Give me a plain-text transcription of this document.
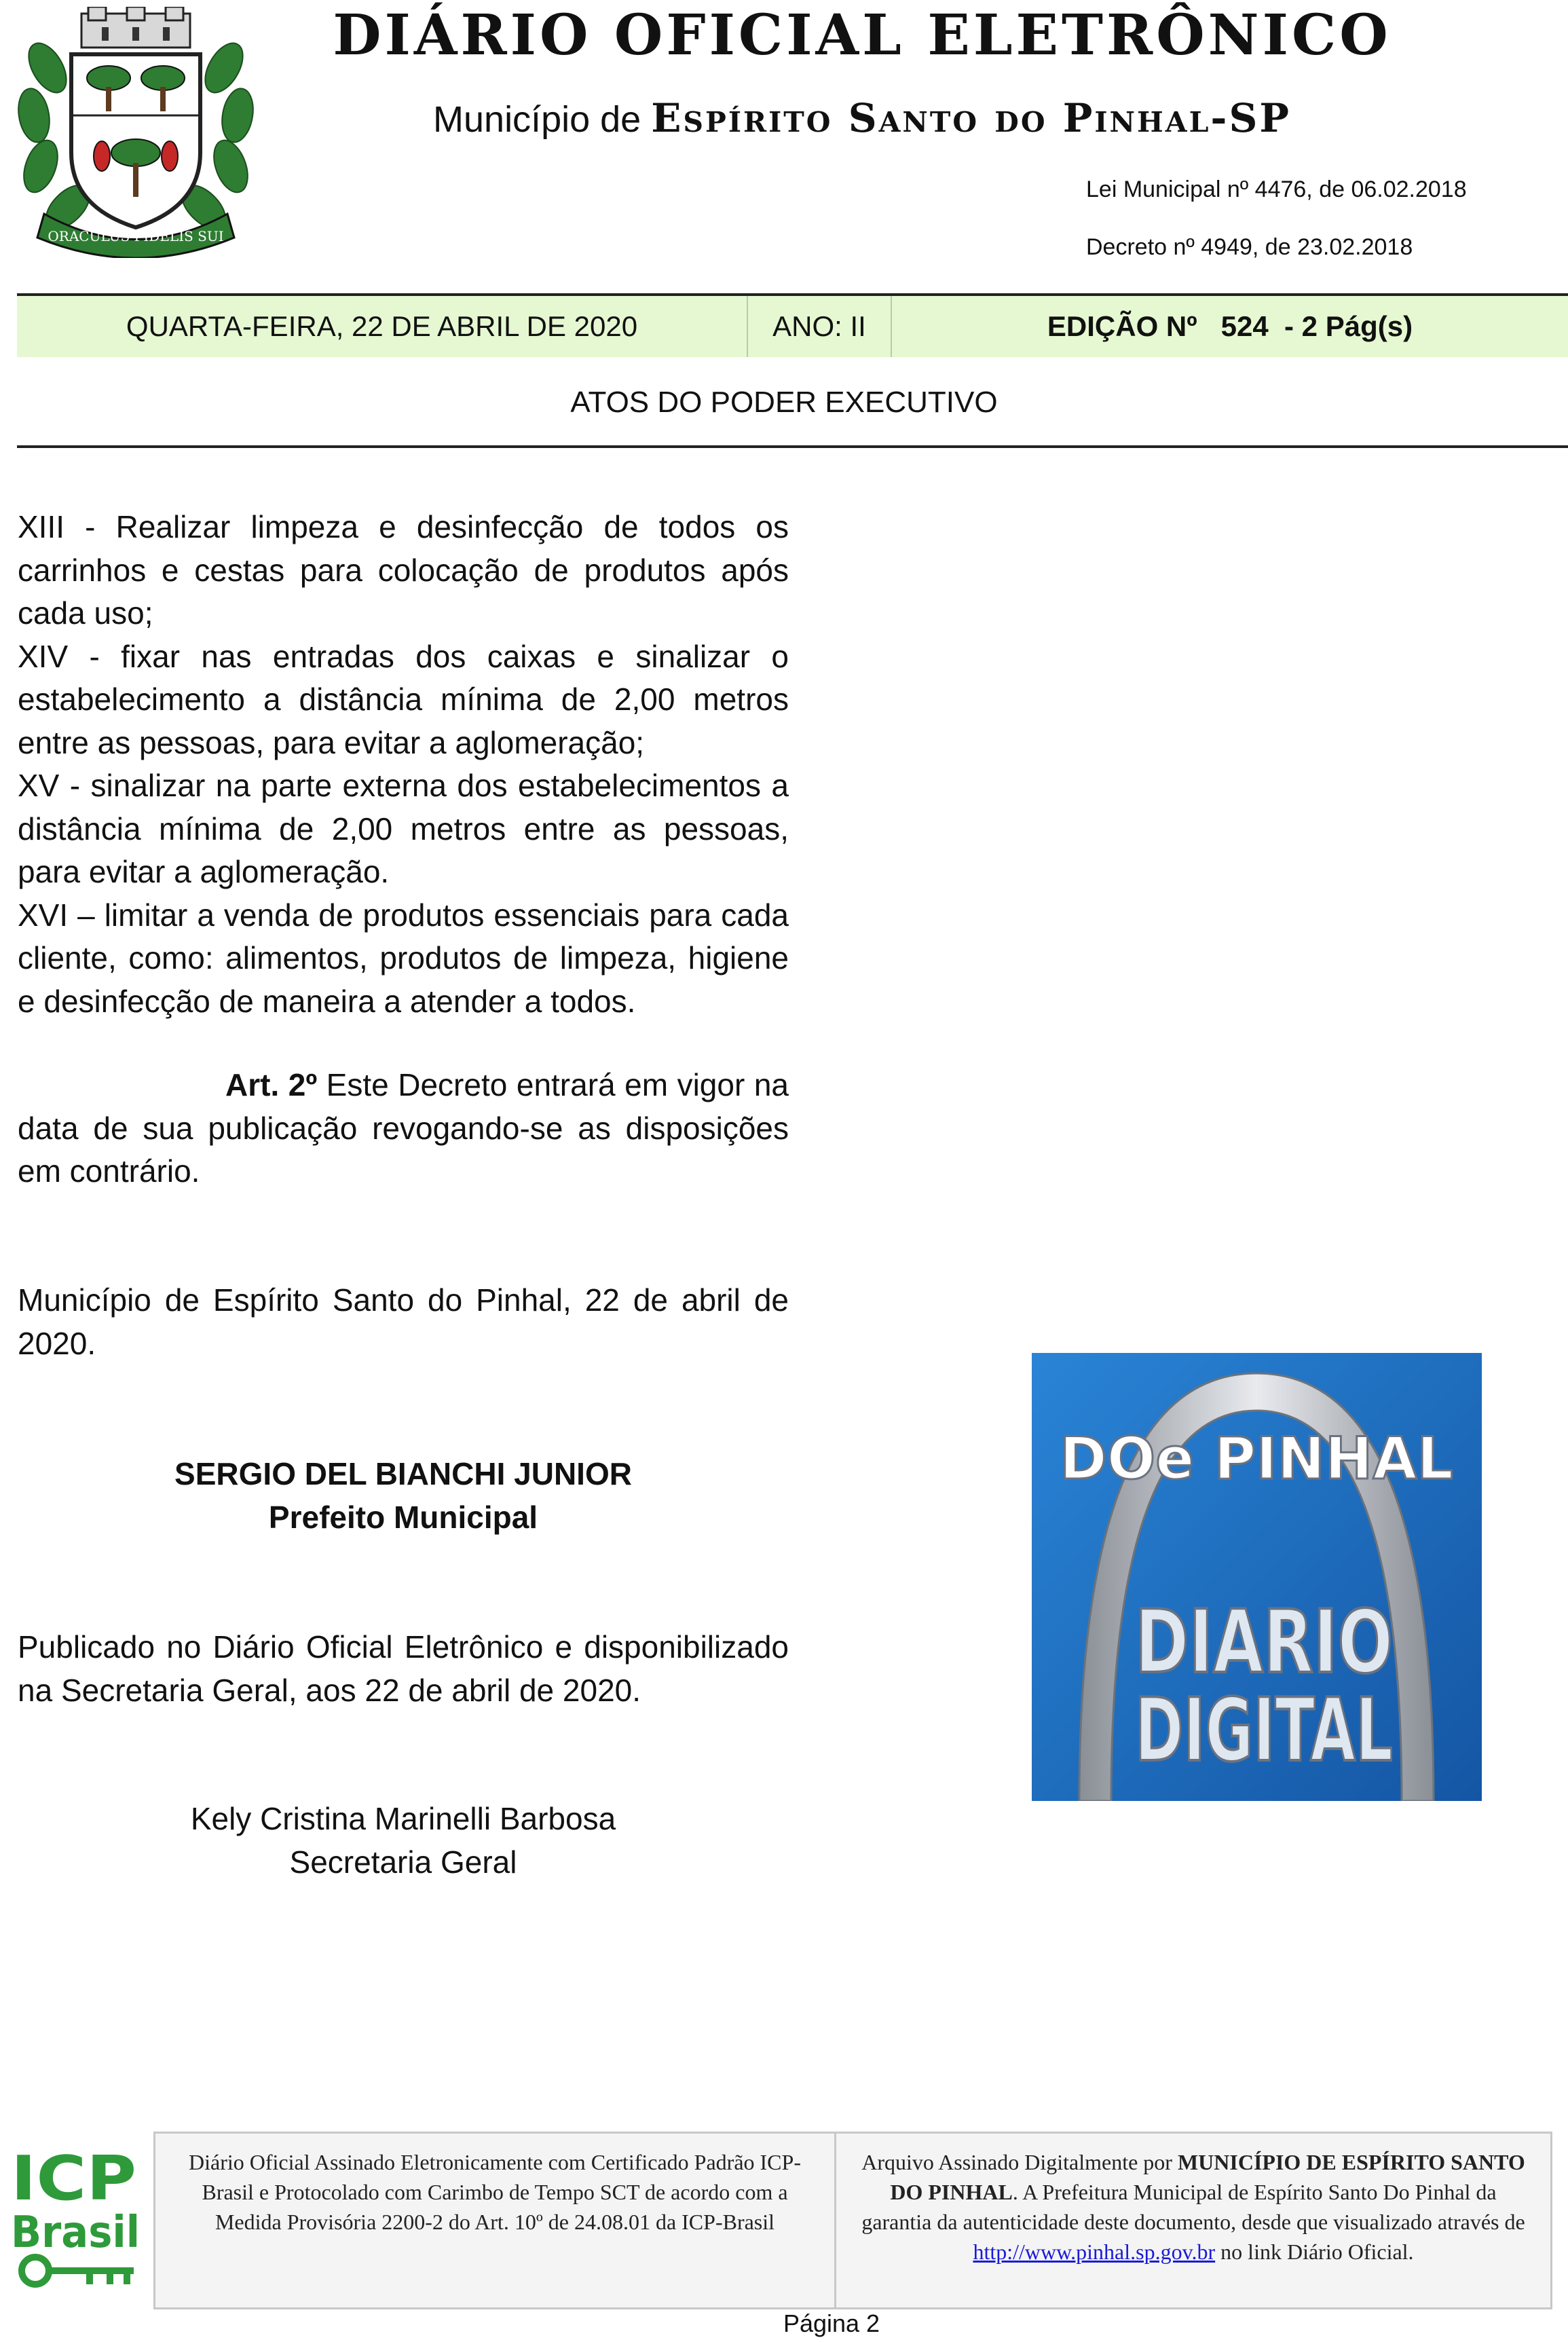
ORACULUS FIDELIS SUI
DIÁRIO OFICIAL ELETRÔNICO
Município de Espírito Santo do Pinhal-SP
Lei Municipal nº 4476, de 06.02.2018
Decreto nº 4949, de 23.02.2018
QUARTA-FEIRA, 22 DE ABRIL DE 2020	ANO: II	EDIÇÃO Nº   524  - 2 Pág(s)
ATOS DO PODER EXECUTIVO

XIII - Realizar limpeza e desinfecção de todos os carrinhos e cestas para colocação de produtos após cada uso;

XIV - fixar nas entradas dos caixas e sinalizar o estabelecimento a distância mínima de 2,00 metros entre as pessoas, para evitar a aglomeração;

XV - sinalizar na parte externa dos estabelecimentos a distância mínima de 2,00 metros entre as pessoas, para evitar a aglomeração.

XVI – limitar a venda de produtos essenciais para cada cliente, como: alimentos, produtos de limpeza, higiene e desinfecção de maneira a atender a todos.

Art. 2º Este Decreto entrará em vigor na data de sua publicação revogando-se as disposições em contrário.
Município de Espírito Santo do Pinhal, 22 de abril de 2020.
SERGIO DEL BIANCHI JUNIOR
Prefeito Municipal
Publicado no Diário Oficial Eletrônico e disponibilizado na Secretaria Geral, aos 22 de abril de 2020.
Kely Cristina Marinelli Barbosa
Secretaria Geral
DOe PINHAL
DIARIO
DIGITAL
ICP
Brasil
Diário Oficial Assinado Eletronicamente com Certificado Padrão ICP-Brasil e Protocolado com Carimbo de Tempo SCT de acordo com a Medida Provisória 2200-2 do Art. 10º de 24.08.01 da ICP-Brasil
Arquivo Assinado Digitalmente por MUNICÍPIO DE ESPÍRITO SANTO DO PINHAL. A Prefeitura Municipal de Espírito Santo Do Pinhal da garantia da autenticidade deste documento, desde que visualizado através de http://www.pinhal.sp.gov.br no link Diário Oficial.
Página 2
